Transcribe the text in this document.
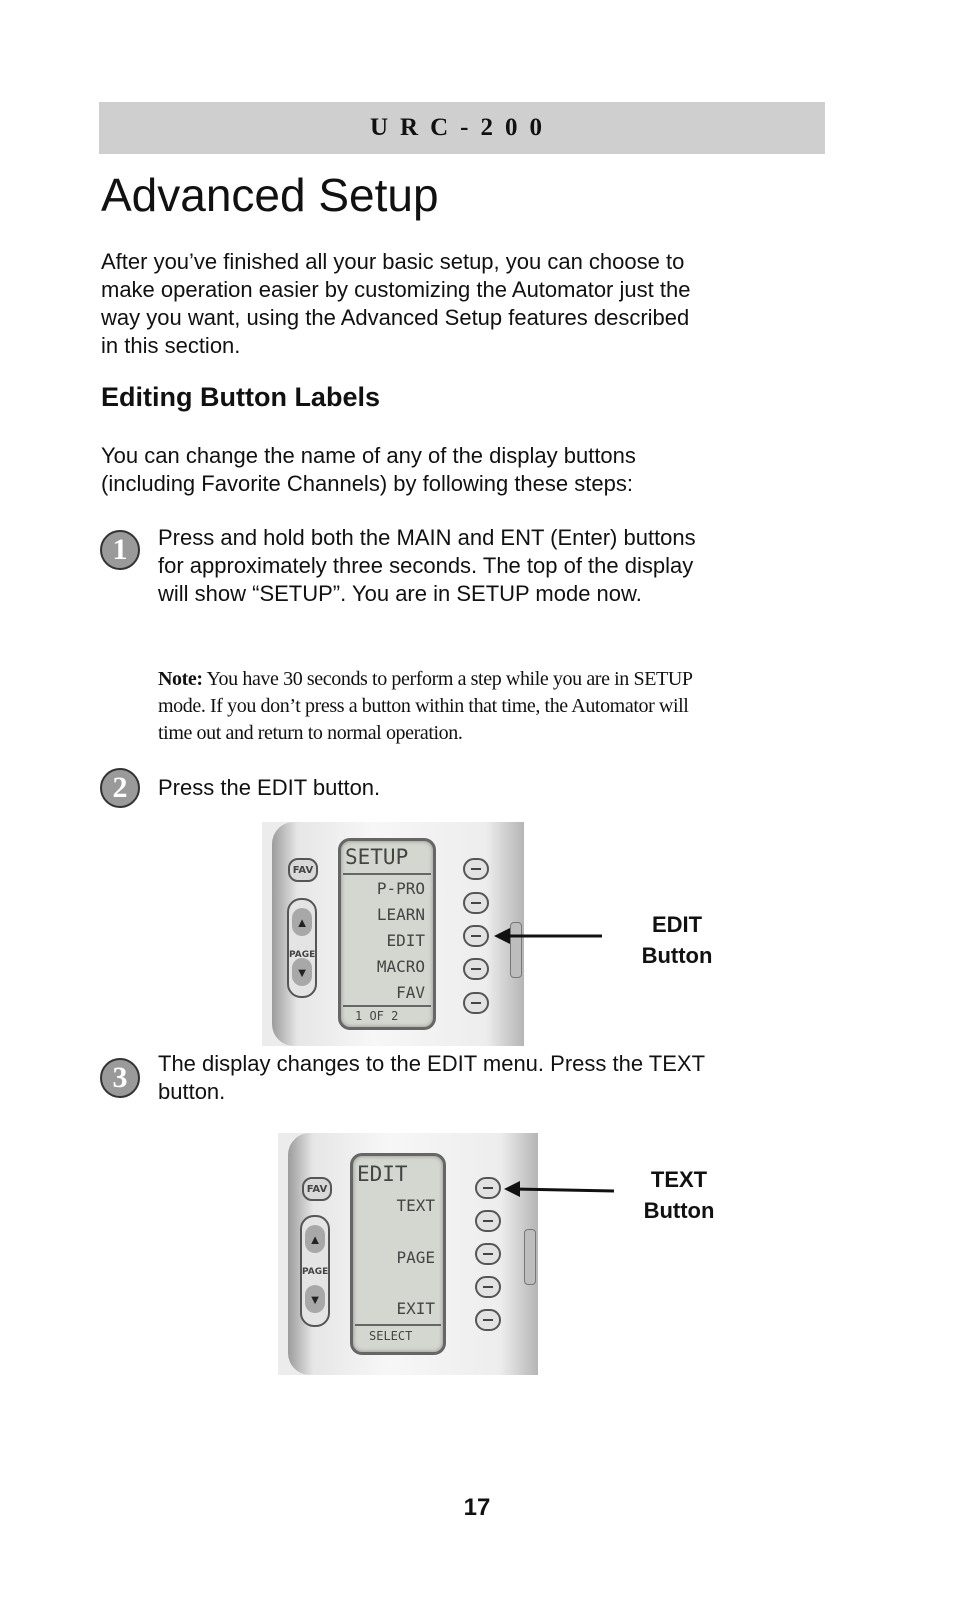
URC-200
Advanced Setup

After you’ve finished all your basic setup, you can choose to make operation easier by customizing the Automator just the way you want, using the Advanced Setup features described in this section.

Editing Button Labels

You can change the name of any of the display buttons (including Favorite Channels) by following these steps:

1	Press and hold both the MAIN and ENT (Enter) buttons for approximately three seconds. The top of the display will show “SETUP”. You are in SETUP mode now.

Note: You have 30 seconds to perform a step while you are in SETUP mode. If you don’t press a button within that time, the Automator will time out and return to normal operation.

2	Press the EDIT button.

FAV
▲
▼
PAGE
SETUP
P-PRO
LEARN
EDIT
MACRO
FAV
1 OF 2
EDIT
Button
3	The display changes to the EDIT menu. Press the TEXT button.

FAV
▲
▼
PAGE
EDIT
TEXT
PAGE
EXIT
SELECT
TEXT
Button

17
